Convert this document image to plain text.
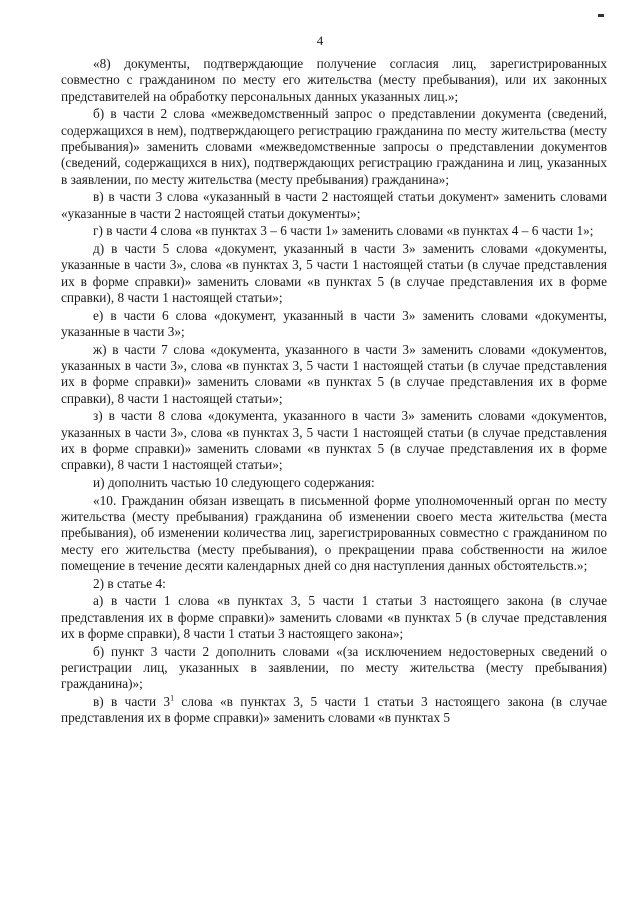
4

«8) документы, подтверждающие получение согласия лиц, зарегистрированных совместно с гражданином по месту его жительства (месту пребывания), или их законных представителей на обработку персональных данных указанных лиц.»;

б) в части 2 слова «межведомственный запрос о представлении документа (сведений, содержащихся в нем), подтверждающего регистрацию гражданина по месту жительства (месту пребывания)» заменить словами «межведомственные запросы о представлении документов (сведений, содержащихся в них), подтверждающих регистрацию гражданина и лиц, указанных в заявлении, по месту жительства (месту пребывания) гражданина»;

в) в части 3 слова «указанный в части 2 настоящей статьи документ» заменить словами «указанные в части 2 настоящей статьи документы»;

г) в части 4 слова «в пунктах 3 – 6 части 1» заменить словами «в пунктах 4 – 6 части 1»;

д) в части 5 слова «документ, указанный в части 3» заменить словами «документы, указанные в части 3», слова «в пунктах 3, 5 части 1 настоящей статьи (в случае представления их в форме справки)» заменить словами «в пунктах 5 (в случае представления их в форме справки), 8 части 1 настоящей статьи»;

е) в части 6 слова «документ, указанный в части 3» заменить словами «документы, указанные в части 3»;

ж) в части 7 слова «документа, указанного в части 3» заменить словами «документов, указанных в части 3», слова «в пунктах 3, 5 части 1 настоящей статьи (в случае представления их в форме справки)» заменить словами «в пунктах 5 (в случае представления их в форме справки), 8 части 1 настоящей статьи»;

з) в части 8 слова «документа, указанного в части 3» заменить словами «документов, указанных в части 3», слова «в пунктах 3, 5 части 1 настоящей статьи (в случае представления их в форме справки)» заменить словами «в пунктах 5 (в случае представления их в форме справки), 8 части 1 настоящей статьи»;

и) дополнить частью 10 следующего содержания:

«10. Гражданин обязан извещать в письменной форме уполномоченный орган по месту жительства (месту пребывания) гражданина об изменении своего места жительства (места пребывания), об изменении количества лиц, зарегистрированных совместно с гражданином по месту его жительства (месту пребывания), о прекращении права собственности на жилое помещение в течение десяти календарных дней со дня наступления данных обстоятельств.»;

2) в статье 4:

а) в части 1 слова «в пунктах 3, 5 части 1 статьи 3 настоящего закона (в случае представления их в форме справки)» заменить словами «в пунктах 5 (в случае представления их в форме справки), 8 части 1 статьи 3 настоящего закона»;

б) пункт 3 части 2 дополнить словами «(за исключением недостоверных сведений о регистрации лиц, указанных в заявлении, по месту жительства (месту пребывания) гражданина)»;

в) в части $3^1$ слова «в пунктах 3, 5 части 1 статьи 3 настоящего закона (в случае представления их в форме справки)» заменить словами «в пунктах 5
